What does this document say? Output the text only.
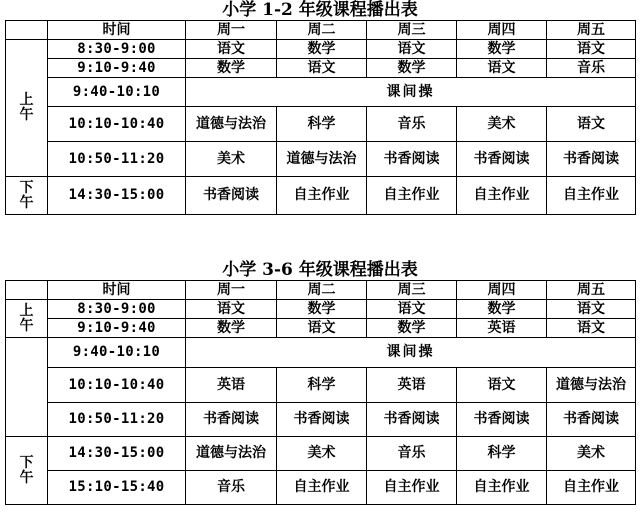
小学 1-2 年级课程播出表
	时间	周一	周二	周三	周四	周五
上
午	8:30-9:00	语文	数学	语文	数学	语文
	9:10-9:40	数学	语文	数学	语文	音乐
	9:40-10:10	课间操				
	10:10-10:40	道德与法治	科学	音乐	美术	语文
	10:50-11:20	美术	道德与法治	书香阅读	书香阅读	书香阅读
下
午	14:30-15:00	书香阅读	自主作业	自主作业	自主作业	自主作业
小学 3-6 年级课程播出表
	时间	周一	周二	周三	周四	周五
上
午	8:30-9:00	语文	数学	语文	数学	语文
	9:10-9:40	数学	语文	数学	英语	语文
	9:40-10:10	课间操				
	10:10-10:40	英语	科学	英语	语文	道德与法治
	10:50-11:20	书香阅读	书香阅读	书香阅读	书香阅读	书香阅读
下
午	14:30-15:00	道德与法治	美术	音乐	科学	美术
	15:10-15:40	音乐	自主作业	自主作业	自主作业	自主作业
